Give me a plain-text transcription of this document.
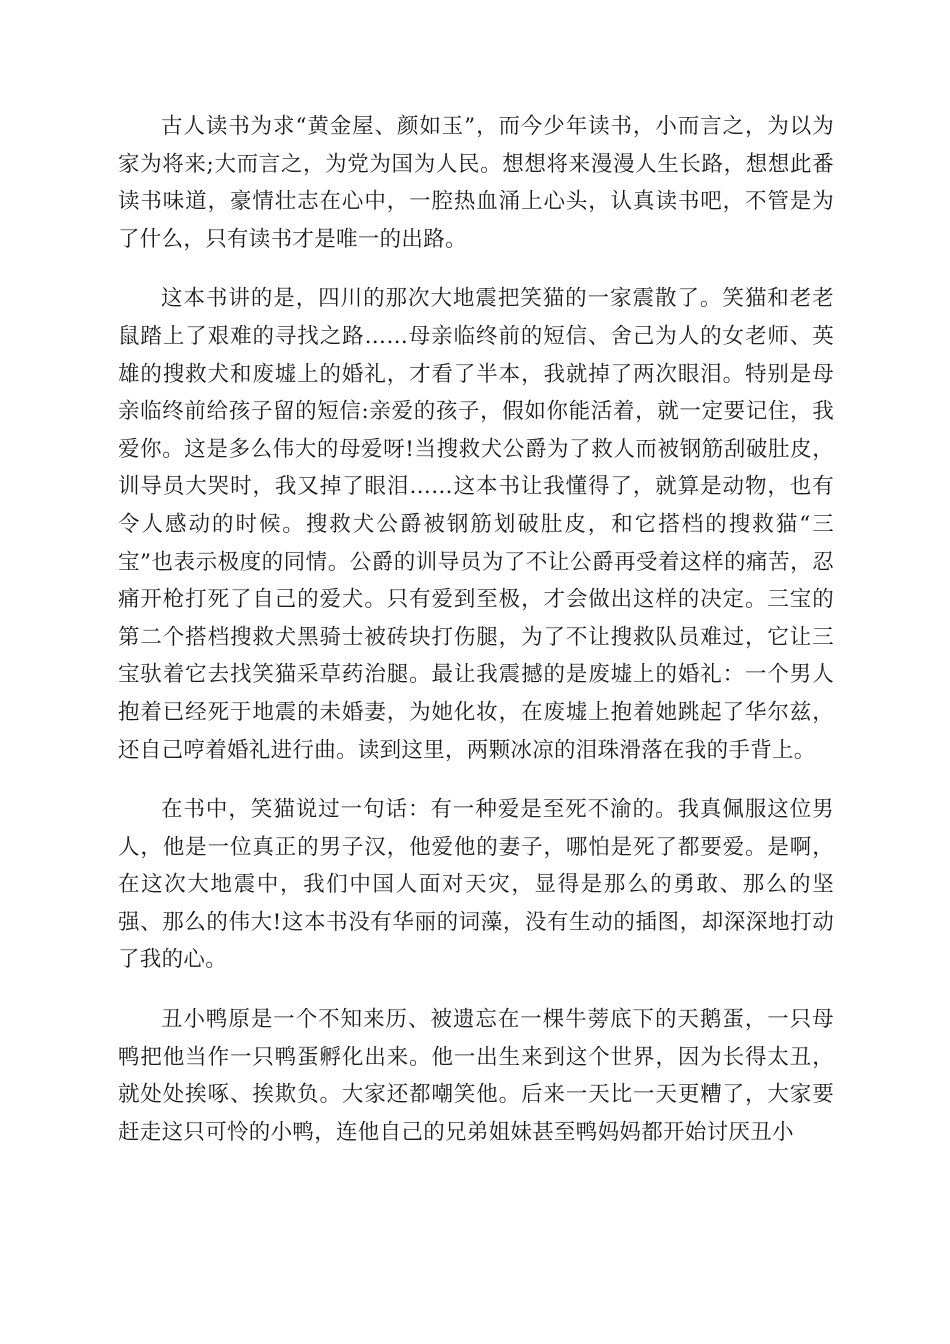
古人读书为求“黄金屋、颜如玉”，而今少年读书，小而言之，为以为家为将来;大而言之，为党为国为人民。想想将来漫漫人生长路，想想此番读书味道，豪情壮志在心中，一腔热血涌上心头，认真读书吧，不管是为了什么，只有读书才是唯一的出路。

这本书讲的是，四川的那次大地震把笑猫的一家震散了。笑猫和老老鼠踏上了艰难的寻找之路……母亲临终前的短信、舍己为人的女老师、英雄的搜救犬和废墟上的婚礼，才看了半本，我就掉了两次眼泪。特别是母亲临终前给孩子留的短信:亲爱的孩子，假如你能活着，就一定要记住，我爱你。这是多么伟大的母爱呀!当搜救犬公爵为了救人而被钢筋刮破肚皮，训导员大哭时，我又掉了眼泪……这本书让我懂得了，就算是动物，也有令人感动的时候。搜救犬公爵被钢筋划破肚皮，和它搭档的搜救猫“三宝”也表示极度的同情。公爵的训导员为了不让公爵再受着这样的痛苦，忍痛开枪打死了自己的爱犬。只有爱到至极，才会做出这样的决定。三宝的第二个搭档搜救犬黑骑士被砖块打伤腿，为了不让搜救队员难过，它让三宝驮着它去找笑猫采草药治腿。最让我震撼的是废墟上的婚礼：一个男人抱着已经死于地震的未婚妻，为她化妆，在废墟上抱着她跳起了华尔兹，还自己哼着婚礼进行曲。读到这里，两颗冰凉的泪珠滑落在我的手背上。

在书中，笑猫说过一句话：有一种爱是至死不渝的。我真佩服这位男人，他是一位真正的男子汉，他爱他的妻子，哪怕是死了都要爱。是啊，在这次大地震中，我们中国人面对天灾，显得是那么的勇敢、那么的坚强、那么的伟大!这本书没有华丽的词藻，没有生动的插图，却深深地打动了我的心。

丑小鸭原是一个不知来历、被遗忘在一棵牛蒡底下的天鹅蛋，一只母鸭把他当作一只鸭蛋孵化出来。他一出生来到这个世界，因为长得太丑，就处处挨啄、挨欺负。大家还都嘲笑他。后来一天比一天更糟了，大家要赶走这只可怜的小鸭，连他自己的兄弟姐妹甚至鸭妈妈都开始讨厌丑小
